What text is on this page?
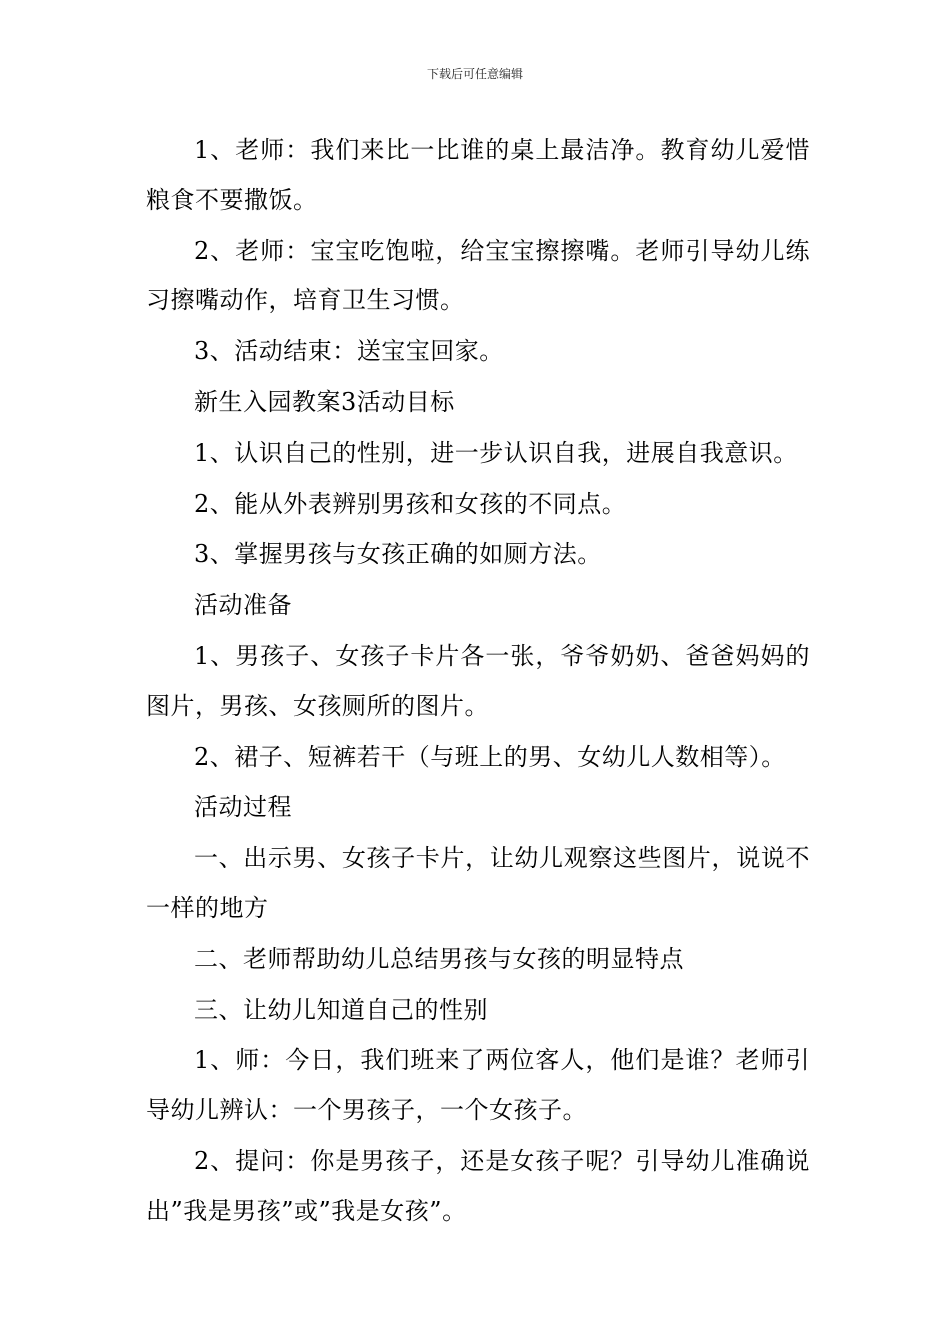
下载后可任意编辑

1、老师：我们来比一比谁的桌上最洁净。教育幼儿爱惜粮食不要撒饭。

2、老师：宝宝吃饱啦，给宝宝擦擦嘴。老师引导幼儿练习擦嘴动作，培育卫生习惯。

3、活动结束：送宝宝回家。

新生入园教案3活动目标

1、认识自己的性别，进一步认识自我，进展自我意识。

2、能从外表辨别男孩和女孩的不同点。

3、掌握男孩与女孩正确的如厕方法。

活动准备

1、男孩子、女孩子卡片各一张，爷爷奶奶、爸爸妈妈的图片，男孩、女孩厕所的图片。

2、裙子、短裤若干（与班上的男、女幼儿人数相等）。

活动过程

一、出示男、女孩子卡片，让幼儿观察这些图片，说说不一样的地方

二、老师帮助幼儿总结男孩与女孩的明显特点

三、让幼儿知道自己的性别

1、师：今日，我们班来了两位客人，他们是谁？老师引导幼儿辨认：一个男孩子，一个女孩子。

2、提问：你是男孩子，还是女孩子呢？引导幼儿准确说出”我是男孩”或”我是女孩”。
